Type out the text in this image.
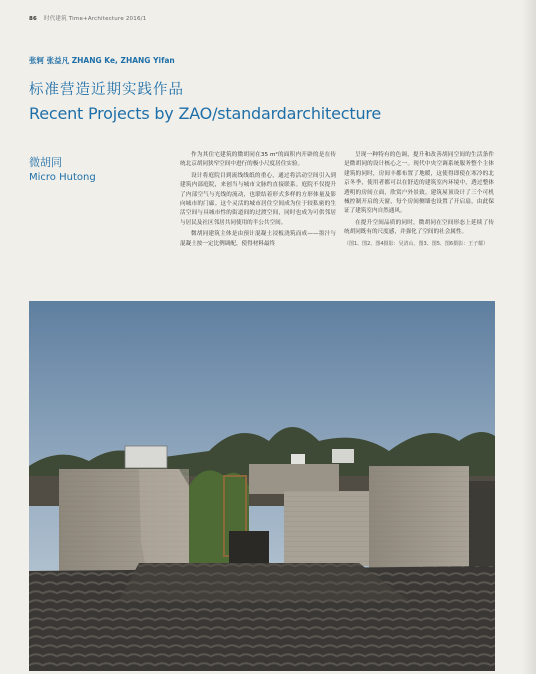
86 时代建筑 Time+Architecture 2016/1
张轲 张益凡 ZHANG Ke, ZHANG Yifan
标准营造近期实践作品
Recent Projects by ZAO/standardarchitecture
微胡同
Micro Hutong

作为其住宅建筑的微胡同在35 m²的面积内开辟的是在传统北京胡同狭窄空间中进行的极小尺度居住实验。

设计将庭院目到流线线纸的重心，通过将活动空间引入到建筑内部庭院，来创当与城市文脉约直接联系。庭院不仅提升了内部空气与光线的流动，也联结着形式多样的方形体量及影向城市的门廊。这个灵活的城市居住空间成为位于较私密的生活空间与具城市性的街道间的过渡空间，同时也成为可供邻居与居民及社区邻居共同使用的半公共空间。

微胡同建筑主体是由预计混凝土浸板浇筑而成——墨汁与混凝土按一定比例调配，使得材料最终

呈现一种特有的色调，提升和改善胡同空间的生活条件是微胡同的设计核心之一。现代中央空调系统服务整个主体建筑的同时，房间丰都布置了地暖，这使得即使在寒冷的北京冬季，使用者都可以在舒适的建筑室内环境中，透过整体透明的房间立面，欣赏户外景致。建筑屋顶设计了三个可机械控制开启的天窗，每个房间侧墙也设置了开启扇，由此保证了建筑室内自然通风。

在提升空间品质的同时，微胡同在空间形态上延续了传统胡同既有的尺度感，并强化了空间的社会属性。

（图1、图2、图4摄影：吴清山，图3、图5、图6摄影：王子耀）
